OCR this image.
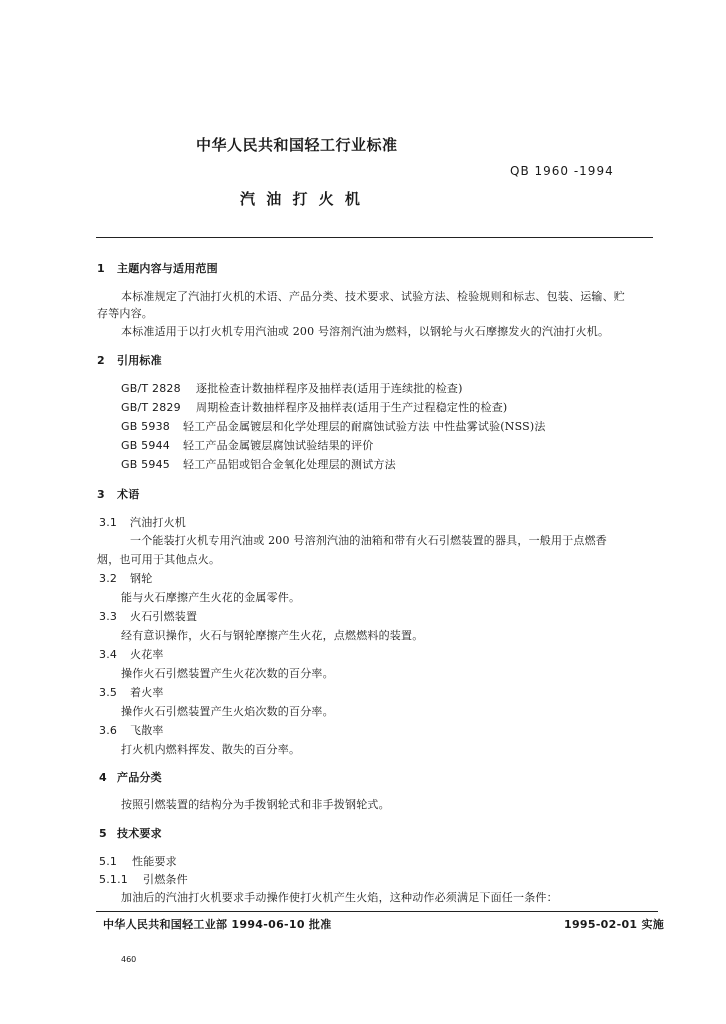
中华人民共和国轻工行业标准
QB 1960 -1994
汽 油 打 火 机
1 主题内容与适用范围
本标准规定了汽油打火机的术语、产品分类、技术要求、试验方法、检验规则和标志、包装、运输、贮
存等内容。
本标准适用于以打火机专用汽油或 200 号溶剂汽油为燃料，以钢轮与火石摩擦发火的汽油打火机。
2 引用标准
GB/T 2828 逐批检查计数抽样程序及抽样表(适用于连续批的检查)
GB/T 2829 周期检查计数抽样程序及抽样表(适用于生产过程稳定性的检查)
GB 5938 轻工产品金属镀层和化学处理层的耐腐蚀试验方法 中性盐雾试验(NSS)法
GB 5944 轻工产品金属镀层腐蚀试验结果的评价
GB 5945 轻工产品铝或铝合金氧化处理层的测试方法
3 术语
3.1 汽油打火机
一个能装打火机专用汽油或 200 号溶剂汽油的油箱和带有火石引燃装置的器具，一般用于点燃香
烟，也可用于其他点火。
3.2 钢轮
能与火石摩擦产生火花的金属零件。
3.3 火石引燃装置
经有意识操作，火石与钢轮摩擦产生火花，点燃燃料的装置。
3.4 火花率
操作火石引燃装置产生火花次数的百分率。
3.5 着火率
操作火石引燃装置产生火焰次数的百分率。
3.6 飞散率
打火机内燃料挥发、散失的百分率。
4 产品分类
按照引燃装置的结构分为手拨钢轮式和非手拨钢轮式。
5 技术要求
5.1 性能要求
5.1.1 引燃条件
加油后的汽油打火机要求手动操作使打火机产生火焰，这种动作必须满足下面任一条件：
中华人民共和国轻工业部 1994-06-10 批准	1995-02-01 实施
460
